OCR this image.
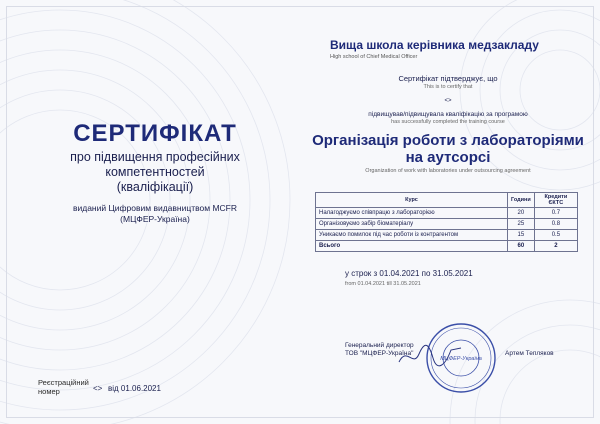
СЕРТИФІКАТ
про підвищення професійних
компетентностей
(кваліфікації)
виданий Цифровим видавництвом MCFR
(МЦФЕР-Україна)
Реєстраційний
номер	<> від 01.06.2021
Вища школа керівника медзакладу
High school of Chief Medical Officer
Сертифікат підтверджує, що
This is to certify that
<>
підвищував/підвищувала кваліфікацію за програмою
has successfully completed the training course
Організація роботи з лабораторіями на аутсорсі
Organization of work with laboratories under outsourcing agreement
Курс	Години	Кредити ЄКТС
Налагоджуємо співпрацю з лабораторією	20	0.7
Організовуємо забір біоматеріалу	25	0.8
Уникаємо помилок під час роботи із контрагентом	15	0.5
Всього	60	2
у строк з 01.04.2021 по 31.05.2021
from 01.04.2021 till 31.05.2021
Генеральний директор
ТОВ "МЦФЕР-Україна"
МЦФЕР-Україна
Артем Тепляков
